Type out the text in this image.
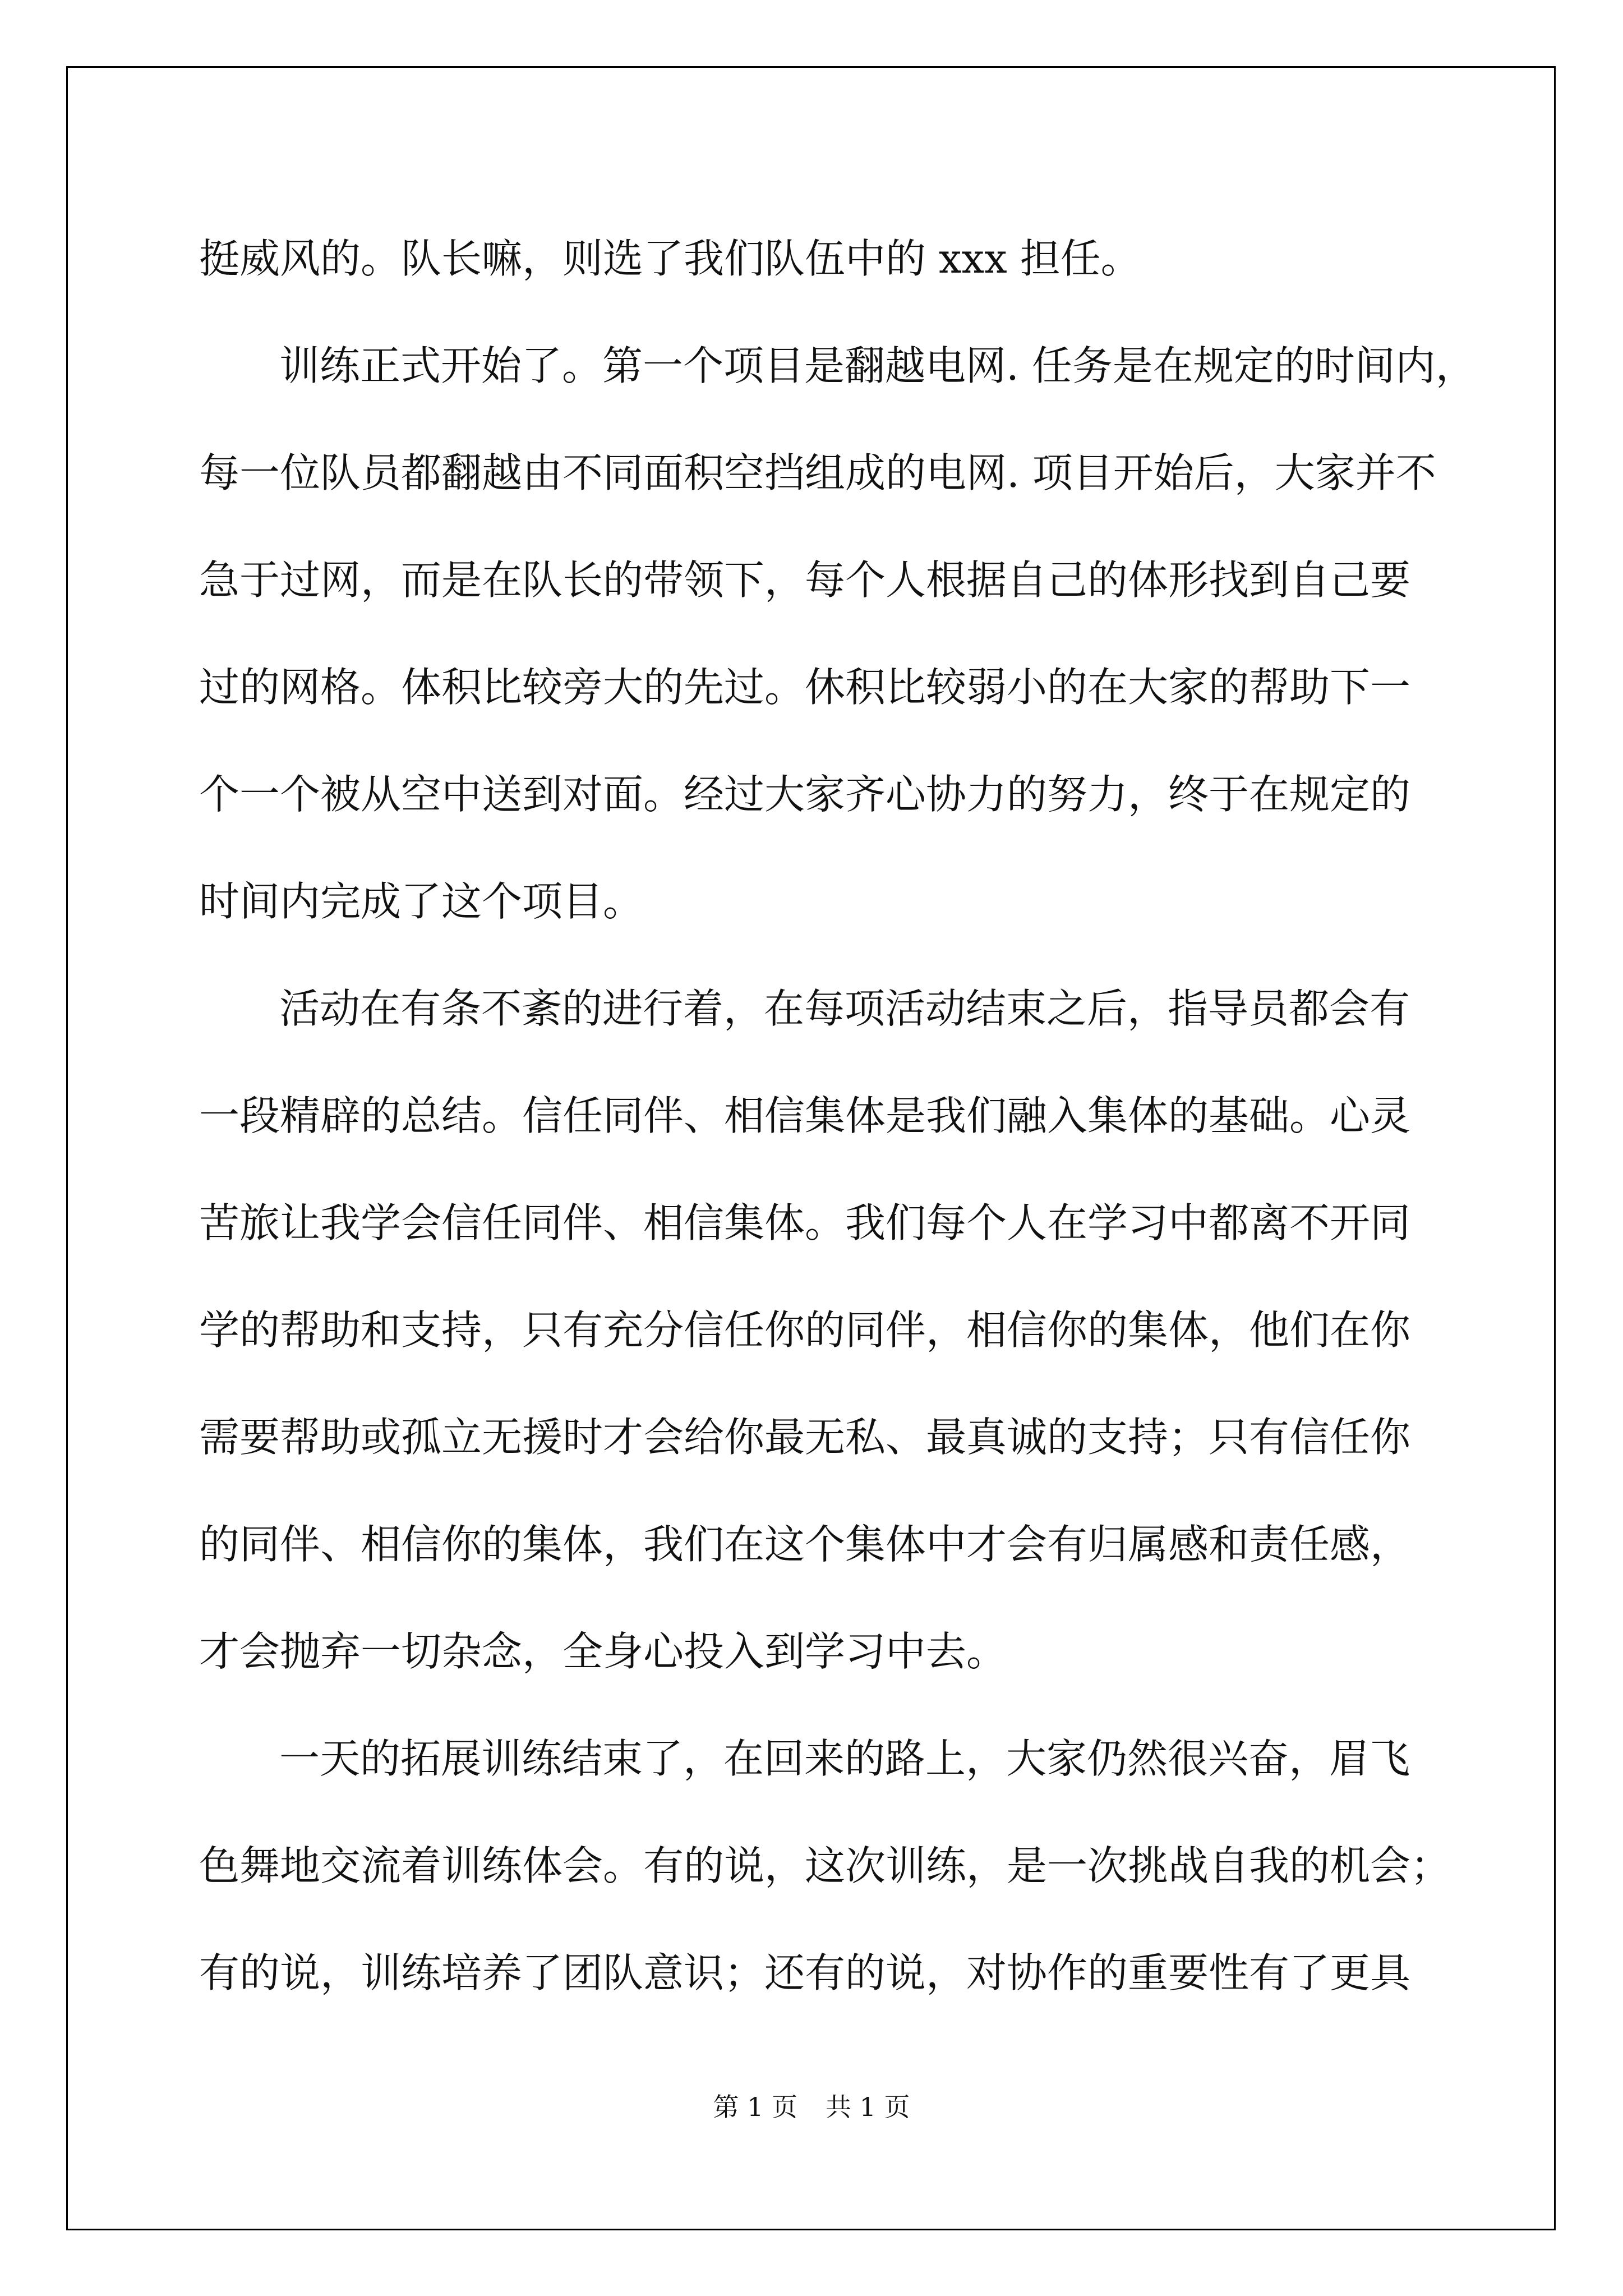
挺威风的。队长嘛，则选了我们队伍中的 xxx 担任。
训练正式开始了。第一个项目是翻越电网. 任务是在规定的时间内，
每一位队员都翻越由不同面积空挡组成的电网. 项目开始后，大家并不
急于过网，而是在队长的带领下，每个人根据自己的体形找到自己要
过的网格。体积比较旁大的先过。休积比较弱小的在大家的帮助下一
个一个被从空中送到对面。经过大家齐心协力的努力，终于在规定的
时间内完成了这个项目。
活动在有条不紊的进行着，在每项活动结束之后，指导员都会有
一段精辟的总结。信任同伴、相信集体是我们融入集体的基础。心灵
苦旅让我学会信任同伴、相信集体。我们每个人在学习中都离不开同
学的帮助和支持，只有充分信任你的同伴，相信你的集体，他们在你
需要帮助或孤立无援时才会给你最无私、最真诚的支持；只有信任你
的同伴、相信你的集体，我们在这个集体中才会有归属感和责任感，
才会抛弃一切杂念，全身心投入到学习中去。
一天的拓展训练结束了，在回来的路上，大家仍然很兴奋，眉飞
色舞地交流着训练体会。有的说，这次训练，是一次挑战自我的机会；
有的说，训练培养了团队意识；还有的说，对协作的重要性有了更具
第 1 页 共 1 页
